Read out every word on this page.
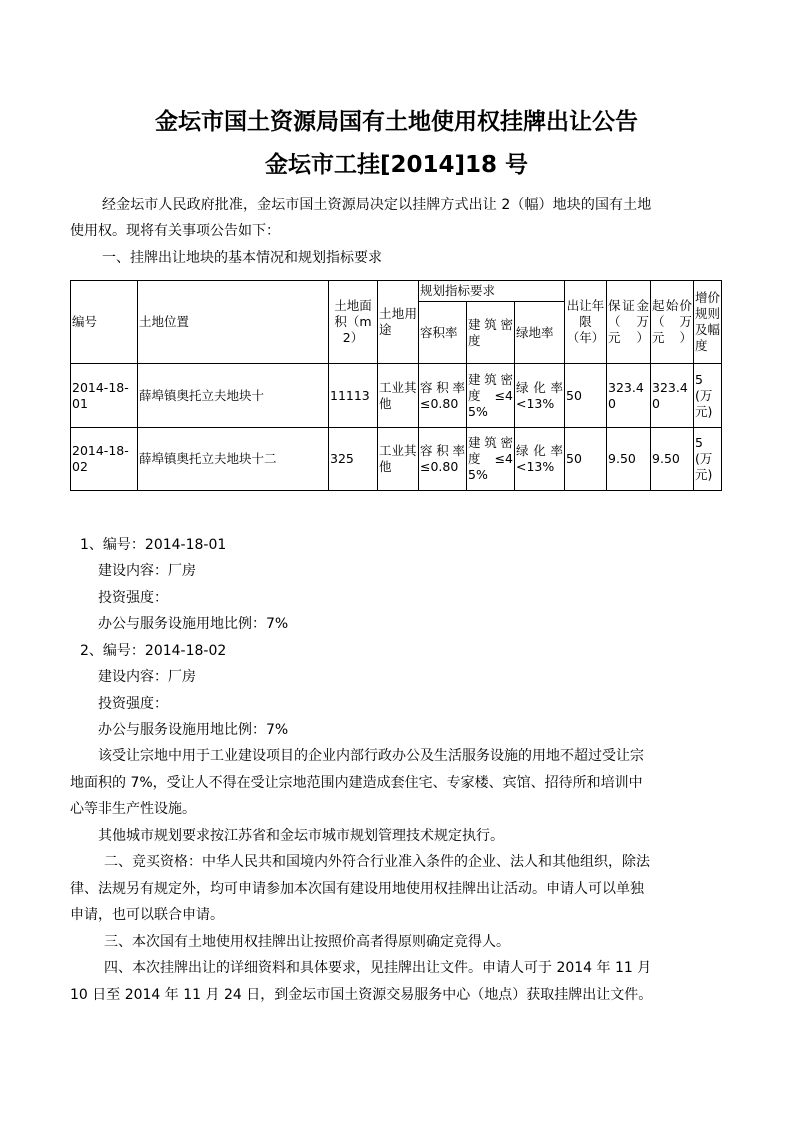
金坛市国土资源局国有土地使用权挂牌出让公告
金坛市工挂[2014]18 号
经金坛市人民政府批准，金坛市国土资源局决定以挂牌方式出让 2（幅）地块的国有土地
使用权。现将有关事项公告如下：
一、挂牌出让地块的基本情况和规划指标要求
编号	土地位置	土地面积（m2）	土地用途	规划指标要求			出让年限（年）	保证金（万元）	起始价（万元）	增价规则及幅度
				容积率	建筑密度	绿地率				
2014-18-01	薛埠镇奥托立夫地块十	11113	工业其他	容积率≤0.80	建筑密度≤45%	绿化率<13%	50	323.40	323.40	5(万元)
2014-18-02	薛埠镇奥托立夫地块十二	325	工业其他	容积率≤0.80	建筑密度≤45%	绿化率<13%	50	9.50	9.50	5(万元)
1、编号：2014-18-01
建设内容：厂房
投资强度：
办公与服务设施用地比例：7%
2、编号：2014-18-02
建设内容：厂房
投资强度：
办公与服务设施用地比例：7%
该受让宗地中用于工业建设项目的企业内部行政办公及生活服务设施的用地不超过受让宗
地面积的 7%，受让人不得在受让宗地范围内建造成套住宅、专家楼、宾馆、招待所和培训中
心等非生产性设施。
其他城市规划要求按江苏省和金坛市城市规划管理技术规定执行。
二、竞买资格：中华人民共和国境内外符合行业准入条件的企业、法人和其他组织，除法
律、法规另有规定外，均可申请参加本次国有建设用地使用权挂牌出让活动。申请人可以单独
申请，也可以联合申请。
三、本次国有土地使用权挂牌出让按照价高者得原则确定竞得人。
四、本次挂牌出让的详细资料和具体要求，见挂牌出让文件。申请人可于 2014 年 11 月
10 日至 2014 年 11 月 24 日，到金坛市国土资源交易服务中心（地点）获取挂牌出让文件。
